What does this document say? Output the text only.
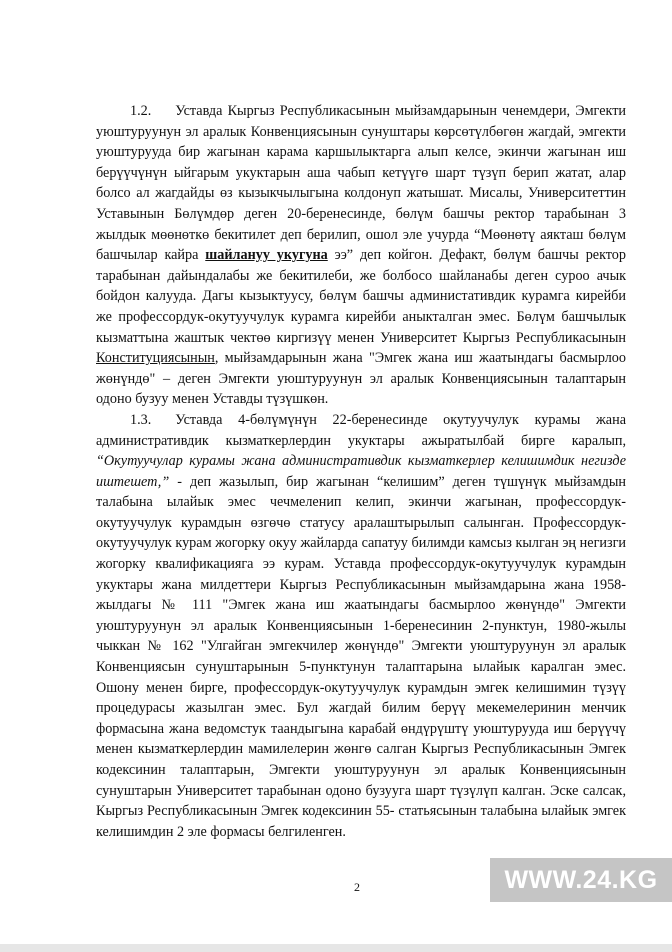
1.2. Уставда Кыргыз Республикасынын мыйзамдарынын ченемдери, Эмгекти уюштуруунун эл аралык Конвенциясынын сунуштары көрсөтүлбөгөн жагдай, эмгекти уюштурууда бир жагынан карама каршылыктарга алып келсе, экинчи жагынан иш берүүчүнүн ыйгарым укуктарын аша чабып кетүүгө шарт түзүп берип жатат, алар болсо ал жагдайды өз кызыкчылыгына колдонуп жатышат. Мисалы, Университеттин Уставынын Бөлүмдөр деген 20-беренесинде, бөлүм башчы ректор тарабынан 3 жылдык мөөнөткө бекитилет деп берилип, ошол эле учурда “Мөөнөтү аякташ бөлүм башчылар кайра шайлануу укугуна ээ” деп койгон. Дефакт, бөлүм башчы ректор тарабынан дайындалабы же бекитилеби, же болбосо шайланабы деген суроо ачык бойдон калууда. Дагы кызыктуусу, бөлүм башчы администативдик курамга кирейби же профессордук-окутуучулук курамга кирейби аныкталган эмес. Бөлүм башчылык кызматтына жаштык чектөө киргизүү менен Университет Кыргыз Республикасынын Конституциясынын, мыйзамдарынын жана "Эмгек жана иш жаатындагы басмырлоо жөнүндө" – деген Эмгекти уюштуруунун эл аралык Конвенциясынын талаптарын одоно бузуу менен Уставды түзүшкөн.

1.3. Уставда 4-бөлүмүнүн 22-беренесинде окутуучулук курамы жана административдик кызматкерлердин укуктары ажыратылбай бирге каралып, “Окутуучулар курамы жана административдик кызматкерлер келишимдик негизде иштешет,” - деп жазылып, бир жагынан “келишим” деген түшүнүк мыйзамдын талабына ылайык эмес чечмеленип келип, экинчи жагынан, профессордук-окутуучулук курамдын өзгөчө статусу аралаштырылып салынган. Профессордук-окутуучулук курам жогорку окуу жайларда сапатуу билимди камсыз кылган эң негизги жогорку квалификацияга ээ курам. Уставда профессордук-окутуучулук курамдын укуктары жана милдеттери Кыргыз Республикасынын мыйзамдарына жана 1958-жылдагы № 111 "Эмгек жана иш жаатындагы басмырлоо жөнүндө" Эмгекти уюштуруунун эл аралык Конвенциясынын 1-беренесинин 2-пунктун, 1980-жылы чыккан № 162 "Улгайган эмгекчилер жөнүндө" Эмгекти уюштуруунун эл аралык Конвенциясын сунуштарынын 5-пунктунун талаптарына ылайык каралган эмес. Ошону менен бирге, профессордук-окутуучулук курамдын эмгек келишимин түзүү процедурасы жазылган эмес. Бул жагдай билим берүү мекемелеринин менчик формасына жана ведомстук таандыгына карабай өндүрүштү уюштурууда иш берүүчү менен кызматкерлердин мамилелерин жөнгө салган Кыргыз Республикасынын Эмгек кодексинин талаптарын, Эмгекти уюштуруунун эл аралык Конвенциясынын сунуштарын Университет тарабынан одоно бузууга шарт түзүлүп калган. Эске салсак, Кыргыз Республикасынын Эмгек кодексинин 55- статьясынын талабына ылайык эмгек келишимдин 2 эле формасы белгиленген.

2	WWW.24.KG
